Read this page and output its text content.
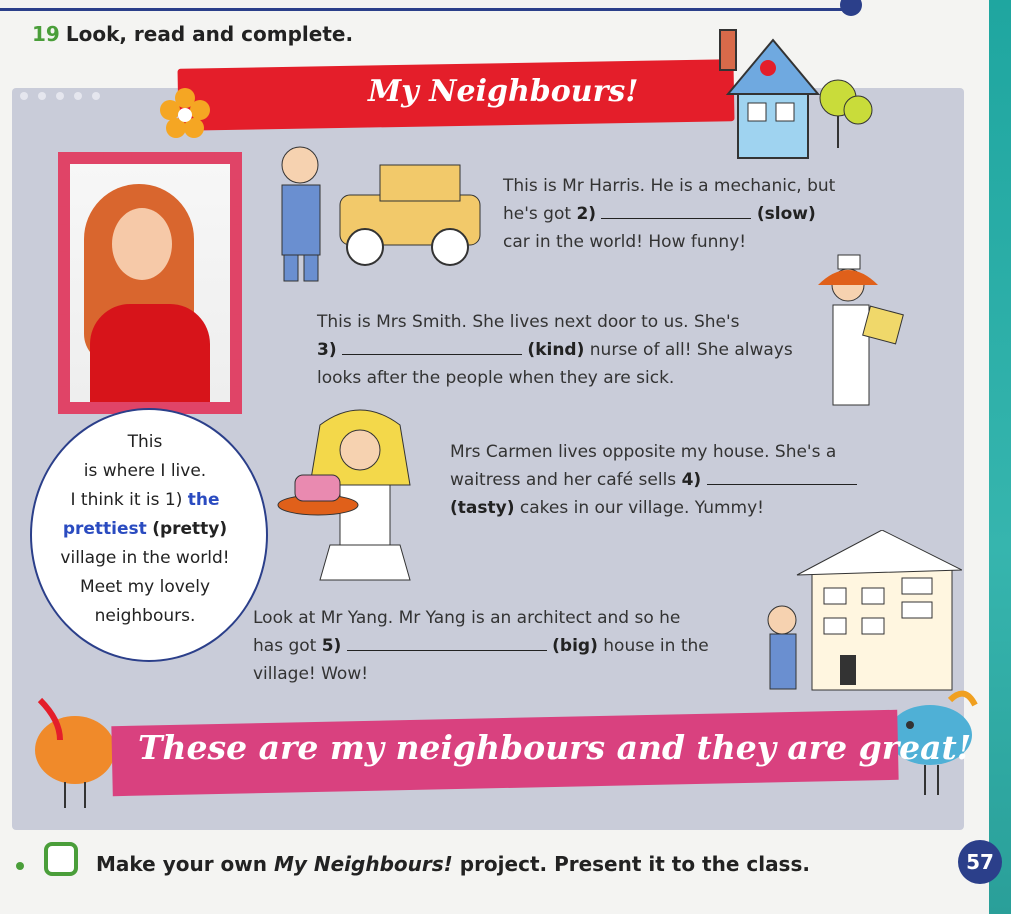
19 Look, read and complete.
My Neighbours!
This
is where I live.
I think it is 1) the
prettiest (pretty)
village in the world!
Meet my lovely
neighbours.
This is Mr Harris. He is a mechanic, but
he's got 2)	(slow)
car in the world! How funny!
This is Mrs Smith. She lives next door to us. She's
3)	(kind) nurse of all! She always
looks after the people when they are sick.
Mrs Carmen lives opposite my house. She's a
waitress and her café sells 4)
(tasty) cakes in our village. Yummy!
Look at Mr Yang. Mr Yang is an architect and so he
has got 5)	(big) house in the
village! Wow!
These are my neighbours and they are great!
Make your own My Neighbours! project. Present it to the class.	57
